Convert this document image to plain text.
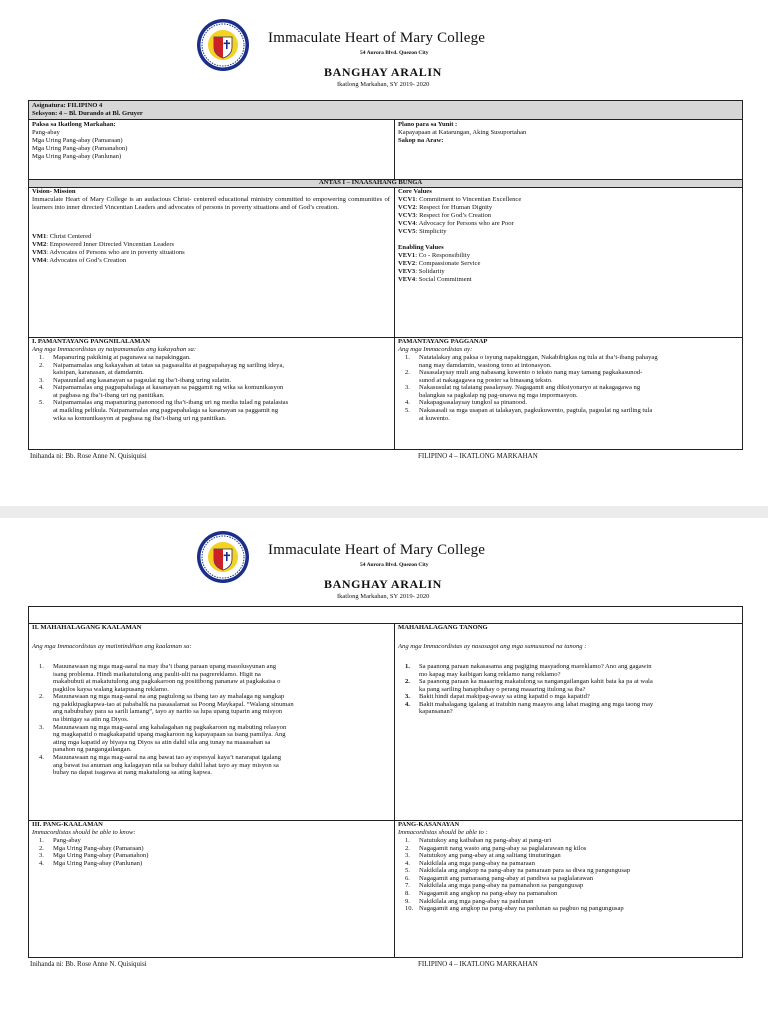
Immaculate Heart of Mary College
54 Aurora Blvd. Quezon City
BANGHAY ARALIN
Ikatlong Markahan, SY 2019- 2020
Asignatura: FILIPINO 4
Seksyon: 4 – Bl. Durando at Bl. Gruyer
Paksa sa Ikatlong Markahan:
Pang-abay
Mga Uring Pang-abay (Pamaraan)
Mga Uring Pang-abay (Pamanahon)
Mga Uring Pang-abay (Panlunan)
Plano para sa Yunit :
Kapayapaan at Katarungan, Aking Susuportahan
Sakop na Araw:
ANTAS I – INAASAHANG BUNGA
Vision- Mission
Immaculate Heart of Mary College is an audacious Christ- centered educational ministry committed to empowering communities of learners into inner directed Vincentian Leaders and advocates of persons in poverty situations and of God’s creation.
VM1: Christ Centered
VM2: Empowered Inner Directed Vincentian Leaders
VM3: Advocates of Persons who are in poverty situations
VM4: Advocates of God’s Creation
Core Values
VCV1: Commitment to Vincentian Excellence
VCV2: Respect for Human Dignity
VCV3: Respect for God’s Creation
VCV4: Advocacy for Persons who are Poor
VCV5: Simplicity
Enabling Values
VEV1: Co - Responsibility
VEV2: Compassionate Service
VEV3: Solidarity
VEV4: Social Commitment
I. PAMANTAYANG PANGNILALAMAN
Ang mga Immacordistas ay naipamamalas ang kakayahan sa:
1. Mapanuring pakikinig at pagunawa sa napakinggan.
2. Naipamamalas ang kakayahan at tatas sa pagsasalita at pagpapahayag ng sariling ideya,
kaisipan, karanasan, at damdamin.
3. Napauunlad ang kasanayan sa pagsulat ng iba’t-ibang uring sulatin.
4. Naipamamalas ang pagpapahalaga at kasanayan sa paggamit ng wika sa komunikasyon
at pagbasa ng iba’t-ibang uri ng panitikan.
5. Naipamamalas ang mapanuring panonood ng iba’t-ibang uri ng media tulad ng patalastas
at maikling pelikula. Naipamamalas ang pagpapahalaga sa kasanayan sa paggamit ng
wika sa komunikasyon at pagbasa ng iba’t-ibang uri ng panitikan.
PAMANTAYANG PAGGANAP
Ang mga Immacordistas ay:
1. Natatalakay ang paksa o isyung napakinggan, Nakabibigkas ng tula at iba’t-ibang pahayag
nang may damdamin, wastong tono at intonasyon.
2. Nasasalaysay muli ang nabasang kuwento o teksto nang may tamang pagkakasunod-
sunod at nakagagawa ng poster sa binasang teksto.
3. Nakasusulat ng talatang pasalaysay. Nagagamit ang diksiyonaryo at nakagagawa ng
balangkas sa pagkalap ng pag-unawa ng mga impormasyon.
4. Nakapagsasalaysay tungkol sa pinanood.
5. Nakasasali sa mga usapan at talakayan, pagkukuwento, pagtula, pagsulat ng sariling tula
at kuwento.
Inihanda ni: Bb. Rose Anne N. Quisiquisi	FILIPINO 4 – IKATLONG MARKAHAN
Immaculate Heart of Mary College
54 Aurora Blvd. Quezon City
BANGHAY ARALIN
Ikatlong Markahan, SY 2019- 2020
II. MAHAHALAGANG KAALAMAN
Ang mga Immacordistas ay maiintindihan ang kaalaman sa:
1. Mauunawaan ng mga mag-aaral na may iba’t ibang paraan upang masolusyunan ang
isang problema. Hindi maikatutulong ang paulit-ulit na pagrereklamo. Higit na
makabubuti at makatutulong ang pagkakaroon ng positibong pananaw at pagkakaisa o
pagkilos kaysa walang katapusang reklamo.
2. Mauunawaan ng mga mag-aaral na ang pagtulong sa ibang tao ay mahalaga ng sangkap
ng pakikipagkapwa-tao at pababalik na pasasalamat sa Poong Maykapal. “Walang sinuman
ang nabubuhay para sa sarili lamang”, tayo ay narito sa lupa upang tuparin ang misyon
na ibinigay sa atin ng Diyos.
3. Mauunawaan ng mga mag-aaral ang kahalagahan ng pagkakaroon ng mabuting relasyon
ng magkapatid o magkakapatid upang magkaroon ng kapayapaan sa isang pamilya. Ang
ating mga kapatid ay biyaya ng Diyos sa atin dahil sila ang tunay na maaasahan sa
panahon ng pangangailangan.
4. Mauunawaan ng mga mag-aaral na ang bawat tao ay espesyal kaya’t nararapat igalang
ang bawat isa anuman ang kalagayan nila sa buhay dahil lahat tayo ay may misyon sa
buhay na dapat isagawa at nang makatulong sa ating kapwa.
MAHAHALAGANG TANONG
Ang mga Immacordistas ay nasasagot ang mga sumusunod na tanong :
1. Sa paanong paraan nakasasama ang pagiging masyadong mareklamo? Ano ang gagawin
mo kapag may kaibigan kang reklamo nang reklamo?
2. Sa paanong paraan ka maaaring makatulong sa nangangailangan kahit bata ka pa at wala
ka pang sariling hanapbuhay o perang maaaring itulong sa iba?
3. Bakit hindi dapat makipag-away sa ating kapatid o mga kapatid?
4. Bakit mahalagang igalang at tratuhin nang maayos ang lahat maging ang mga taong may
kapansanan?
III. PANG-KAALAMAN
Immacordistas should be able to know:
1. Pang-abay
2. Mga Uring Pang-abay (Pamaraan)
3. Mga Uring Pang-abay (Pamanahon)
4. Mga Uring Pang-abay (Panlunan)
PANG-KASANAYAN
Immacordistas should be able to :
1. Natutukoy ang kaibahan ng pang-abay at pang-uri
2. Nagagamit nang wasto ang pang-abay sa paglalarawan ng kilos
3. Natutukoy ang pang-abay at ang salitang tinuturingan
4. Nakikilala ang mga pang-abay na pamaraan
5. Nakikilala ang angkop na pang-abay na pamaraan para sa diwa ng pangungusap
6. Nagagamit ang pamaraang pang-abay at pandiwa sa paglalarawan
7. Nakikilala ang mga pang-abay na pamanahon sa pangungusap
8. Nagagamit ang angkop na pang-abay na pamanahon
9. Nakikilala ang mga pang-abay na panlunan
10. Nagagamit ang angkop na pang-abay na panlunan sa pagbuo ng pangungusap
Inihanda ni: Bb. Rose Anne N. Quisiquisi	FILIPINO 4 – IKATLONG MARKAHAN
